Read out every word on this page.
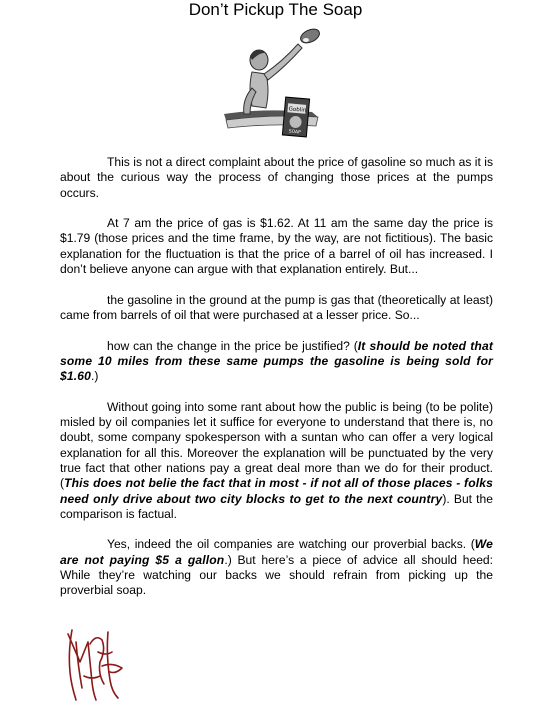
Don’t Pickup The Soap
Goblin
SOAP

This is not a direct complaint about the price of gasoline so much as it is about the curious way the process of changing those prices at the pumps occurs.

At 7 am the price of gas is $1.62. At 11 am the same day the price is $1.79 (those prices and the time frame, by the way, are not fictitious). The basic explanation for the fluctuation is that the price of a barrel of oil has increased. I don’t believe anyone can argue with that explanation entirely. But...

the gasoline in the ground at the pump is gas that (theoretically at least) came from barrels of oil that were purchased at a lesser price. So...

how can the change in the price be justified? (It should be noted that some 10 miles from these same pumps the gasoline is being sold for $1.60.)

Without going into some rant about how the public is being (to be polite) misled by oil companies let it suffice for everyone to understand that there is, no doubt, some company spokesperson with a suntan who can offer a very logical explanation for all this. Moreover the explanation will be punctuated by the very true fact that other nations pay a great deal more than we do for their product. (This does not belie the fact that in most - if not all of those places - folks need only drive about two city blocks to get to the next country). But the comparison is factual.

Yes, indeed the oil companies are watching our proverbial backs. (We are not paying $5 a gallon.) But here’s a piece of advice all should heed: While they’re watching our backs we should refrain from picking up the proverbial soap.
